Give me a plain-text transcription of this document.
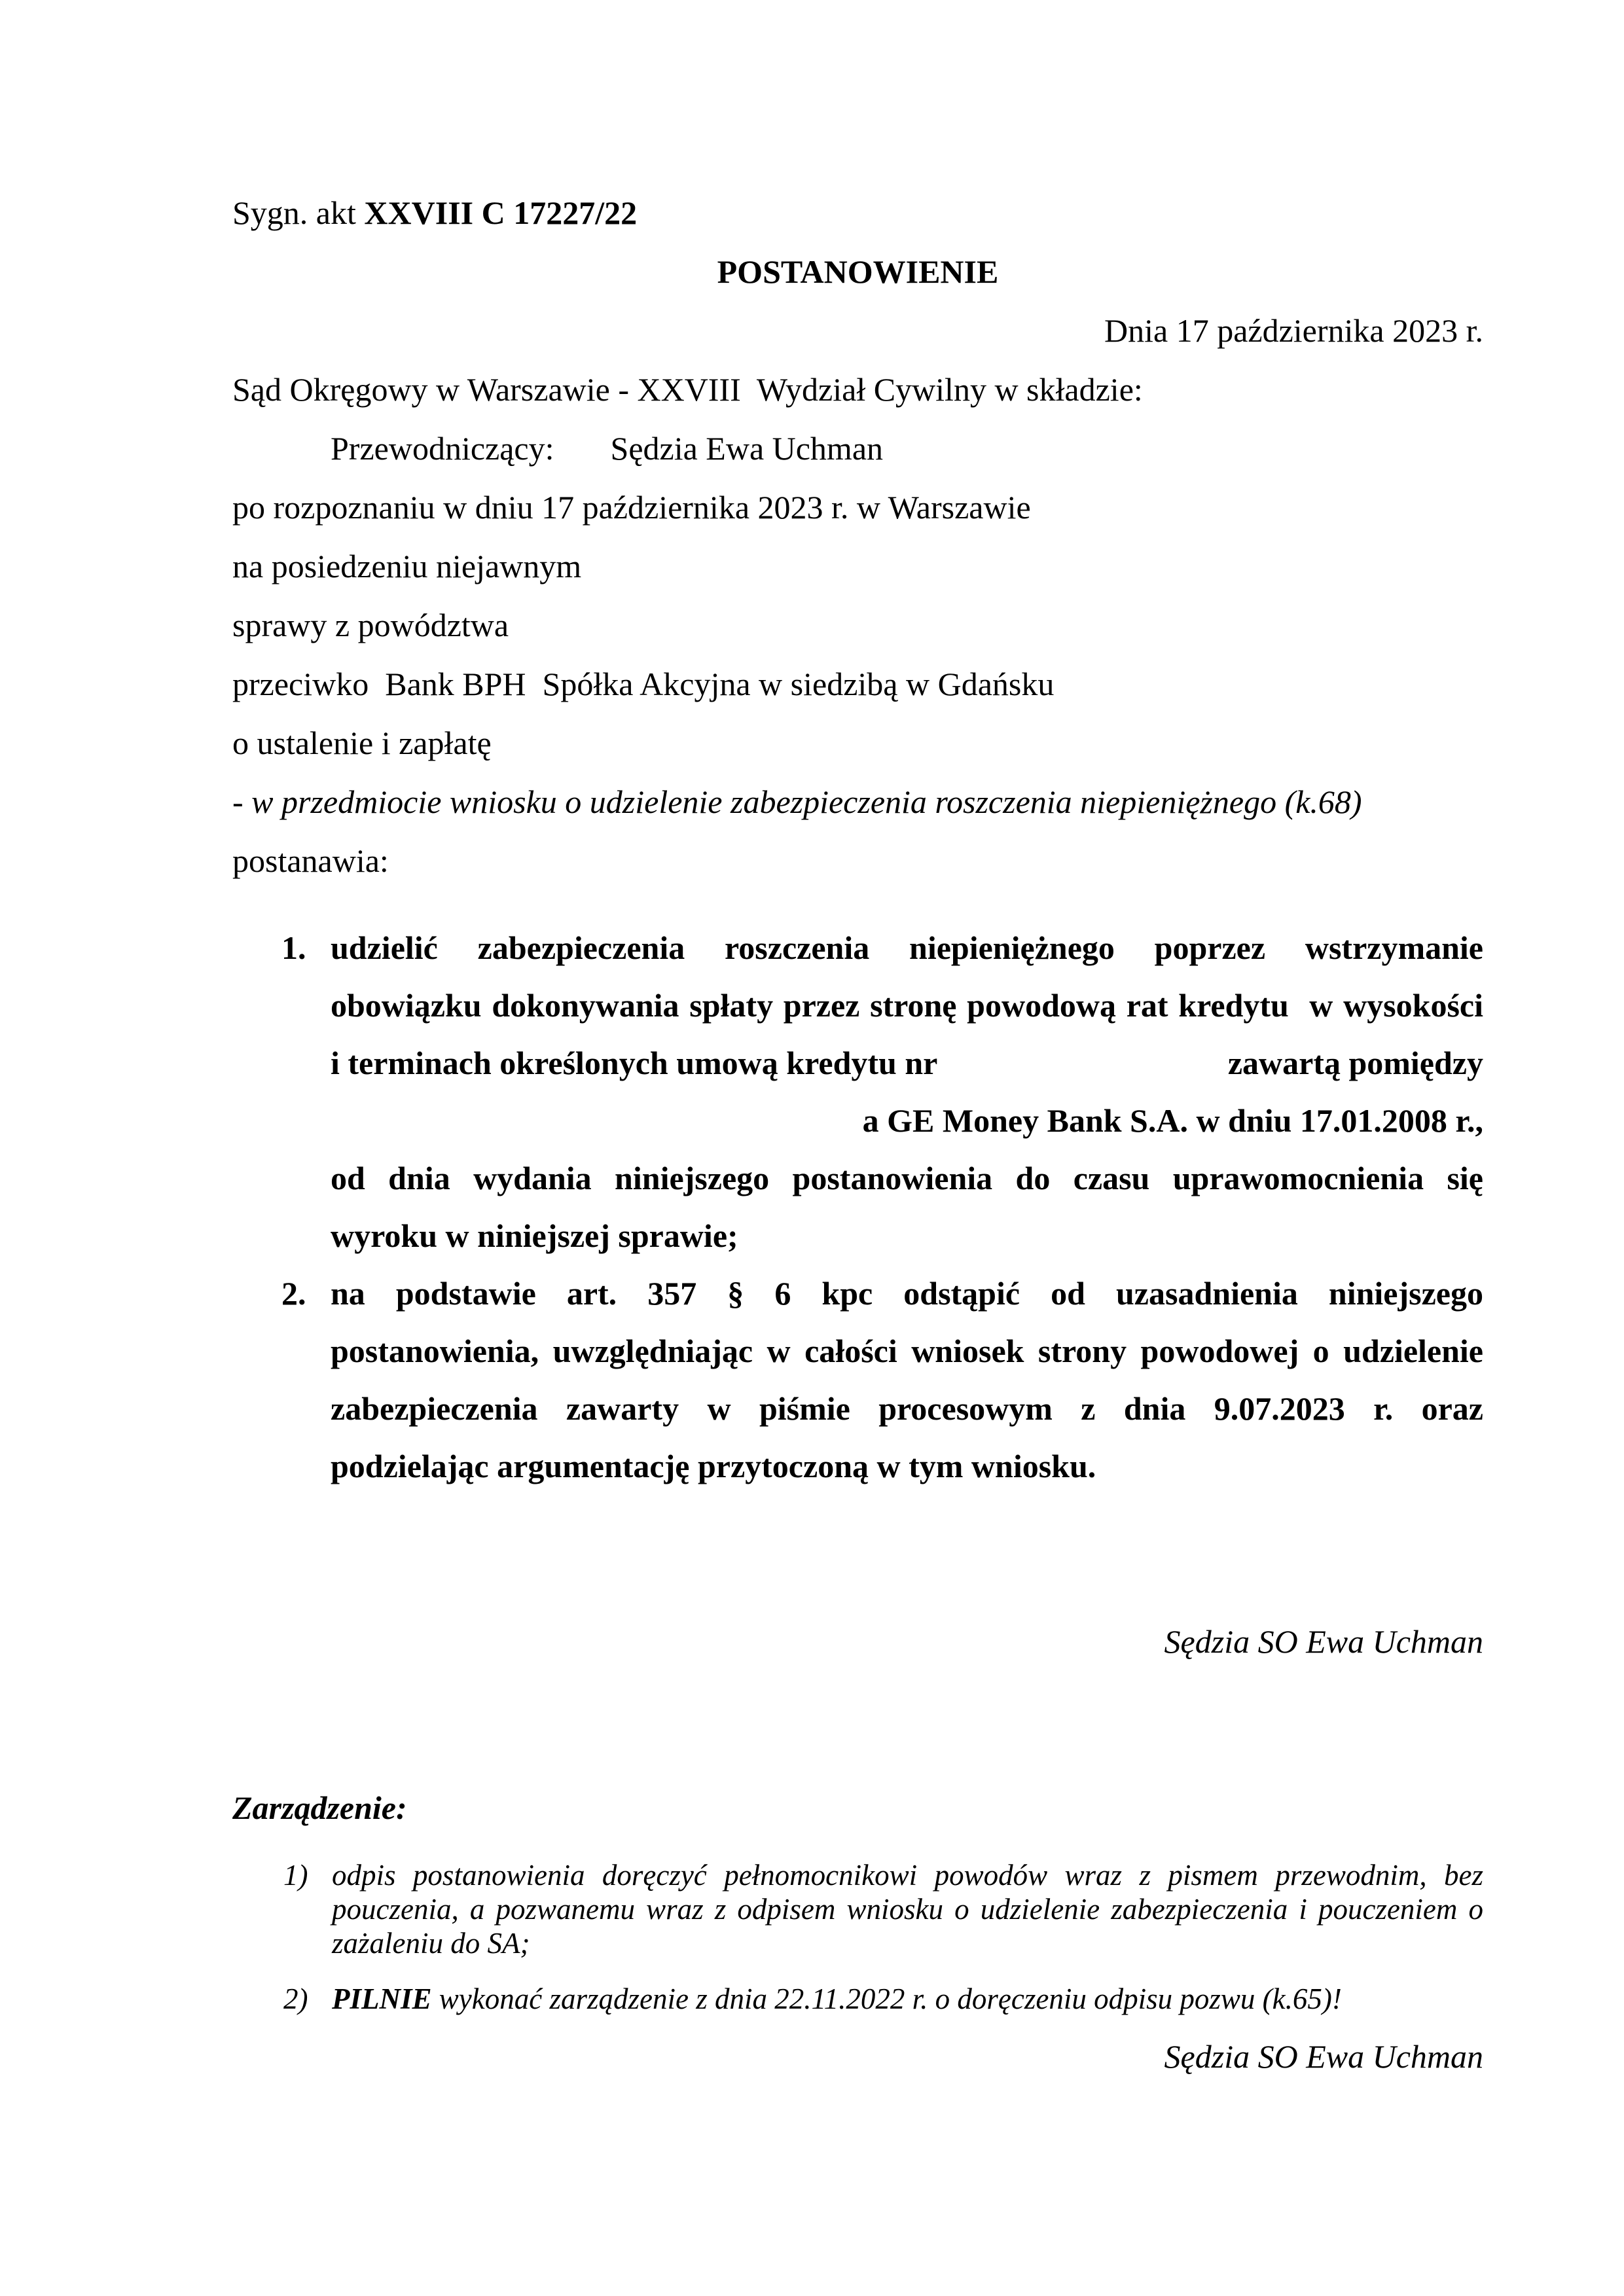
Sygn. akt XXVIII C 17227/22
POSTANOWIENIE
Dnia 17 października 2023 r.
Sąd Okręgowy w Warszawie - XXVIII  Wydział Cywilny w składzie:
Przewodniczący: Sędzia Ewa Uchman
po rozpoznaniu w dniu 17 października 2023 r. w Warszawie
na posiedzeniu niejawnym
sprawy z powództwa
przeciwko  Bank BPH  Spółka Akcyjna w siedzibą w Gdańsku
o ustalenie i zapłatę
- w przedmiocie wniosku o udzielenie zabezpieczenia roszczenia niepieniężnego (k.68)
postanawia:
1. udzielić zabezpieczenia roszczenia niepieniężnego poprzez wstrzymanie
obowiązku dokonywania spłaty przez stronę powodową rat kredytu  w wysokości
i terminach określonych umową kredytu nr	zawartą pomiędzy
a GE Money Bank S.A. w dniu 17.01.2008 r.,
od dnia wydania niniejszego postanowienia do czasu uprawomocnienia się
wyroku w niniejszej sprawie;
2. na podstawie art. 357 § 6 kpc odstąpić od uzasadnienia niniejszego
postanowienia, uwzględniając w całości wniosek strony powodowej o udzielenie
zabezpieczenia zawarty w piśmie procesowym z dnia 9.07.2023 r. oraz
podzielając argumentację przytoczoną w tym wniosku.
Sędzia SO Ewa Uchman
Zarządzenie:
1) odpis postanowienia doręczyć pełnomocnikowi powodów wraz z pismem przewodnim, bez
pouczenia, a pozwanemu wraz z odpisem wniosku o udzielenie zabezpieczenia i pouczeniem o
zażaleniu do SA;
2) PILNIE wykonać zarządzenie z dnia 22.11.2022 r. o doręczeniu odpisu pozwu (k.65)!
Sędzia SO Ewa Uchman
